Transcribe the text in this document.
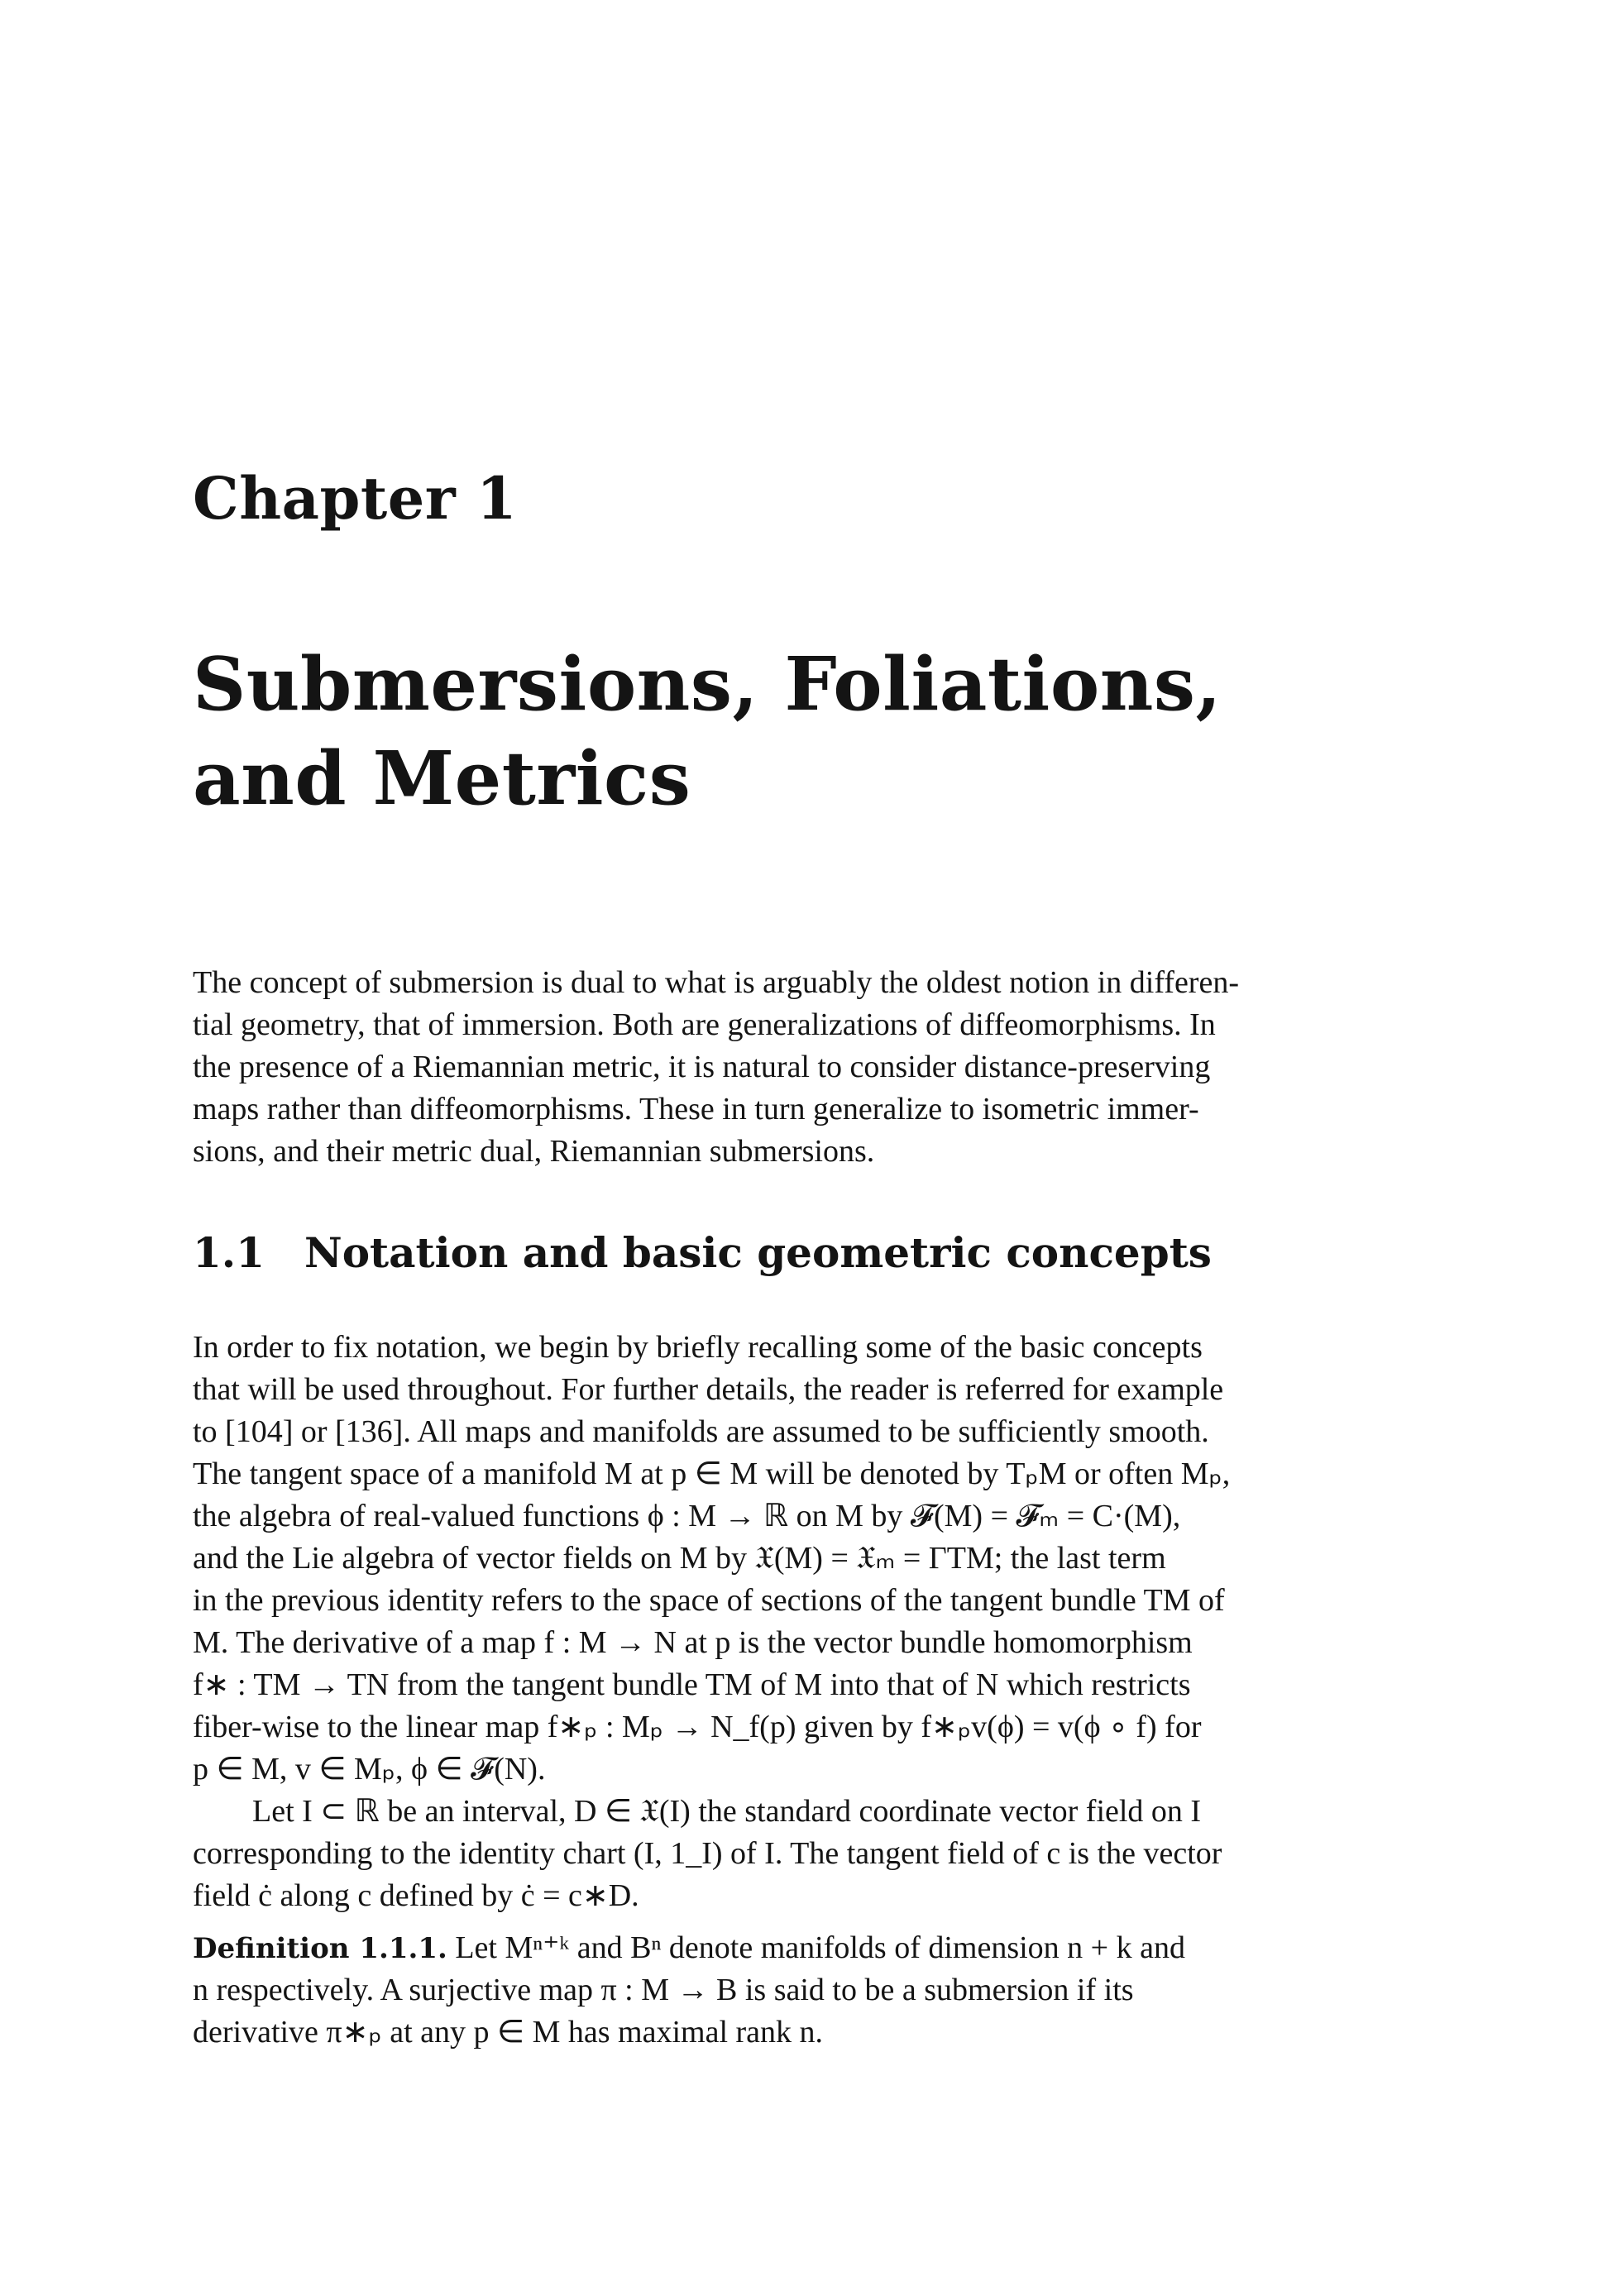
Chapter 1
Submersions, Foliations,
and Metrics
The concept of submersion is dual to what is arguably the oldest notion in differen-
tial geometry, that of immersion. Both are generalizations of diffeomorphisms. In
the presence of a Riemannian metric, it is natural to consider distance-preserving
maps rather than diffeomorphisms. These in turn generalize to isometric immer-
sions, and their metric dual, Riemannian submersions.
1.1 Notation and basic geometric concepts
In order to fix notation, we begin by briefly recalling some of the basic concepts
that will be used throughout. For further details, the reader is referred for example
to [104] or [136]. All maps and manifolds are assumed to be sufficiently smooth.
The tangent space of a manifold M at p ∈ M will be denoted by TₚM or often Mₚ,
the algebra of real-valued functions ϕ : M → ℝ on M by 𝓕(M) = 𝓕ₘ = C·(M),
and the Lie algebra of vector fields on M by 𝔛(M) = 𝔛ₘ = ΓTM; the last term
in the previous identity refers to the space of sections of the tangent bundle TM of
M. The derivative of a map f : M → N at p is the vector bundle homomorphism
f∗ : TM → TN from the tangent bundle TM of M into that of N which restricts
fiber-wise to the linear map f∗ₚ : Mₚ → N_f(p) given by f∗ₚv(ϕ) = v(ϕ ∘ f) for
p ∈ M, v ∈ Mₚ, ϕ ∈ 𝓕(N).
Let I ⊂ ℝ be an interval, D ∈ 𝔛(I) the standard coordinate vector field on I
corresponding to the identity chart (I, 1_I) of I. The tangent field of c is the vector
field ċ along c defined by ċ = c∗D.
Definition 1.1.1. Let Mⁿ⁺ᵏ and Bⁿ denote manifolds of dimension n + k and
n respectively. A surjective map π : M → B is said to be a submersion if its
derivative π∗ₚ at any p ∈ M has maximal rank n.
